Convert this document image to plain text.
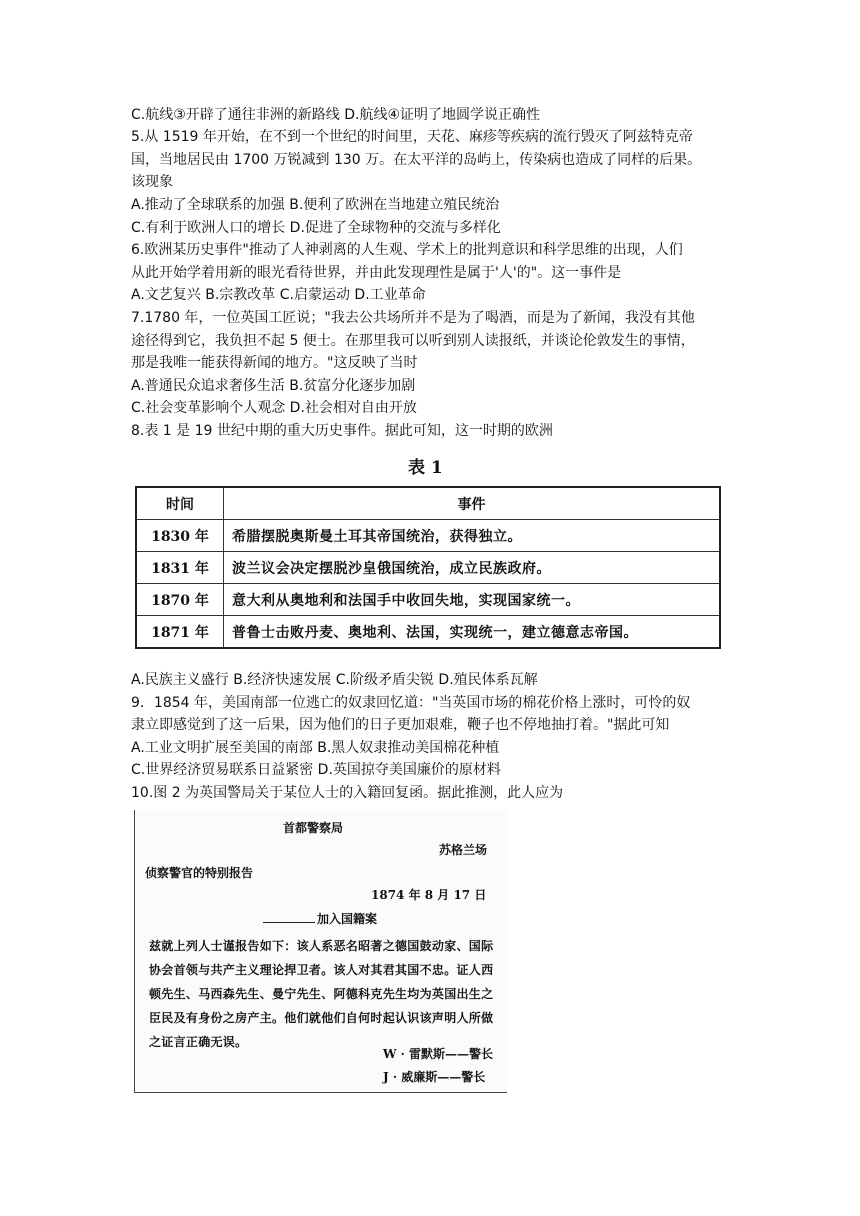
C.航线③开辟了通往非洲的新路线 D.航线④证明了地圆学说正确性
5.从 1519 年开始，在不到一个世纪的时间里，天花、麻疹等疾病的流行毁灭了阿兹特克帝
国，当地居民由 1700 万锐减到 130 万。在太平洋的岛屿上，传染病也造成了同样的后果。
该现象
A.推动了全球联系的加强 B.便利了欧洲在当地建立殖民统治
C.有利于欧洲人口的增长 D.促进了全球物种的交流与多样化
6.欧洲某历史事件"推动了人神剥离的人生观、学术上的批判意识和科学思维的出现，人们
从此开始学着用新的眼光看待世界，并由此发现理性是属于'人'的"。这一事件是
A.文艺复兴 B.宗教改革 C.启蒙运动 D.工业革命
7.1780 年，一位英国工匠说；"我去公共场所并不是为了喝酒，而是为了新闻，我没有其他
途径得到它，我负担不起 5 便士。在那里我可以听到别人读报纸，并谈论伦敦发生的事情，
那是我唯一能获得新闻的地方。"这反映了当时
A.普通民众追求奢侈生活 B.贫富分化逐步加剧
C.社会变革影响个人观念 D.社会相对自由开放
8.表 1 是 19 世纪中期的重大历史事件。据此可知，这一时期的欧洲
表 1
时间	事件
1830 年	希腊摆脱奥斯曼土耳其帝国统治，获得独立。
1831 年	波兰议会决定摆脱沙皇俄国统治，成立民族政府。
1870 年	意大利从奥地利和法国手中收回失地，实现国家统一。
1871 年	普鲁士击败丹麦、奥地利、法国，实现统一，建立德意志帝国。
A.民族主义盛行 B.经济快速发展 C.阶级矛盾尖锐 D.殖民体系瓦解
9．1854 年，美国南部一位逃亡的奴隶回忆道："当英国市场的棉花价格上涨时，可怜的奴
隶立即感觉到了这一后果，因为他们的日子更加艰难，鞭子也不停地抽打着。"据此可知
A.工业文明扩展至美国的南部 B.黑人奴隶推动美国棉花种植
C.世界经济贸易联系日益紧密 D.英国掠夺美国廉价的原材料
10.图 2 为英国警局关于某位人士的入籍回复函。据此推测，此人应为
首都警察局
苏格兰场
侦察警官的特别报告
1874 年 8 月 17 日
加入国籍案
兹就上列人士谨报告如下：该人系恶名昭著之德国鼓动家、国际协会首领与共产主义理论捍卫者。该人对其君其国不忠。证人西顿先生、马西森先生、曼宁先生、阿德科克先生均为英国出生之臣民及有身份之房产主。他们就他们自何时起认识该声明人所做之证言正确无误。
W · 雷默斯——警长
J · 威廉斯——警长
